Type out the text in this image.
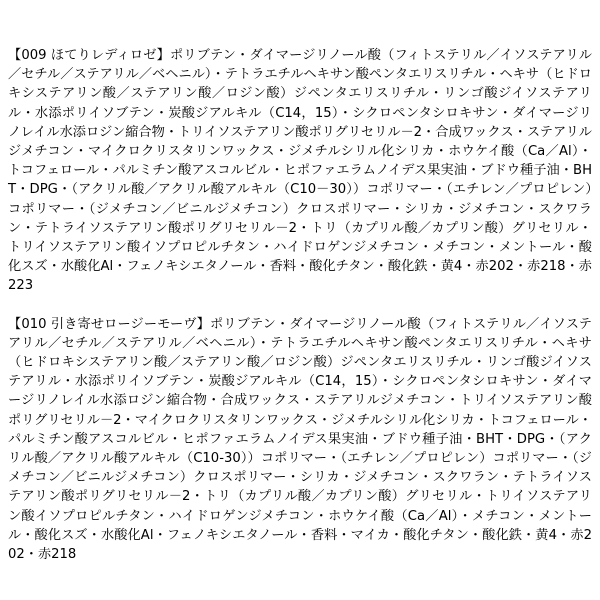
【009 ほてりレディロゼ】ポリブテン・ダイマージリノール酸（フィトステリル／イソステアリル／セチル／ステアリル／ベヘニル）・テトラエチルヘキサン酸ペンタエリスリチル・ヘキサ（ヒドロキシステアリン酸／ステアリン酸／ロジン酸）ジペンタエリスリチル・リンゴ酸ジイソステアリル・水添ポリイソブテン・炭酸ジアルキル（C14，15）・シクロペンタシロキサン・ダイマージリノレイル水添ロジン縮合物・トリイソステアリン酸ポリグリセリル－2・合成ワックス・ステアリルジメチコン・マイクロクリスタリンワックス・ジメチルシリル化シリカ・ホウケイ酸（Ca／Al）・トコフェロール・パルミチン酸アスコルビル・ヒポファエラムノイデス果実油・ブドウ種子油・BHT・DPG・（アクリル酸／アクリル酸アルキル（C10－30））コポリマー・（エチレン／プロピレン）コポリマー・（ジメチコン／ビニルジメチコン）クロスポリマー・シリカ・ジメチコン・スクワラン・テトライソステアリン酸ポリグリセリル－2・トリ（カプリル酸／カプリン酸）グリセリル・トリイソステアリン酸イソプロピルチタン・ハイドロゲンジメチコン・メチコン・メントール・酸化スズ・水酸化Al・フェノキシエタノール・香料・酸化チタン・酸化鉄・黄4・赤202・赤218・赤223
【010 引き寄せロージーモーヴ】ポリブテン・ダイマージリノール酸（フィトステリル／イソステアリル／セチル／ステアリル／ベヘニル）・テトラエチルヘキサン酸ペンタエリスリチル・ヘキサ（ヒドロキシステアリン酸／ステアリン酸／ロジン酸）ジペンタエリスリチル・リンゴ酸ジイソステアリル・水添ポリイソブテン・炭酸ジアルキル（C14，15）・シクロペンタシロキサン・ダイマージリノレイル水添ロジン縮合物・合成ワックス・ステアリルジメチコン・トリイソステアリン酸ポリグリセリル－2・マイクロクリスタリンワックス・ジメチルシリル化シリカ・トコフェロール・パルミチン酸アスコルビル・ヒポファエラムノイデス果実油・ブドウ種子油・BHT・DPG・（アクリル酸／アクリル酸アルキル（C10-30））コポリマー・（エチレン／プロピレン）コポリマー・（ジメチコン／ビニルジメチコン）クロスポリマー・シリカ・ジメチコン・スクワラン・テトライソステアリン酸ポリグリセリル－2・トリ（カプリル酸／カプリン酸）グリセリル・トリイソステアリン酸イソプロピルチタン・ハイドロゲンジメチコン・ホウケイ酸（Ca／Al）・メチコン・メントール・酸化スズ・水酸化Al・フェノキシエタノール・香料・マイカ・酸化チタン・酸化鉄・黄4・赤202・赤218
